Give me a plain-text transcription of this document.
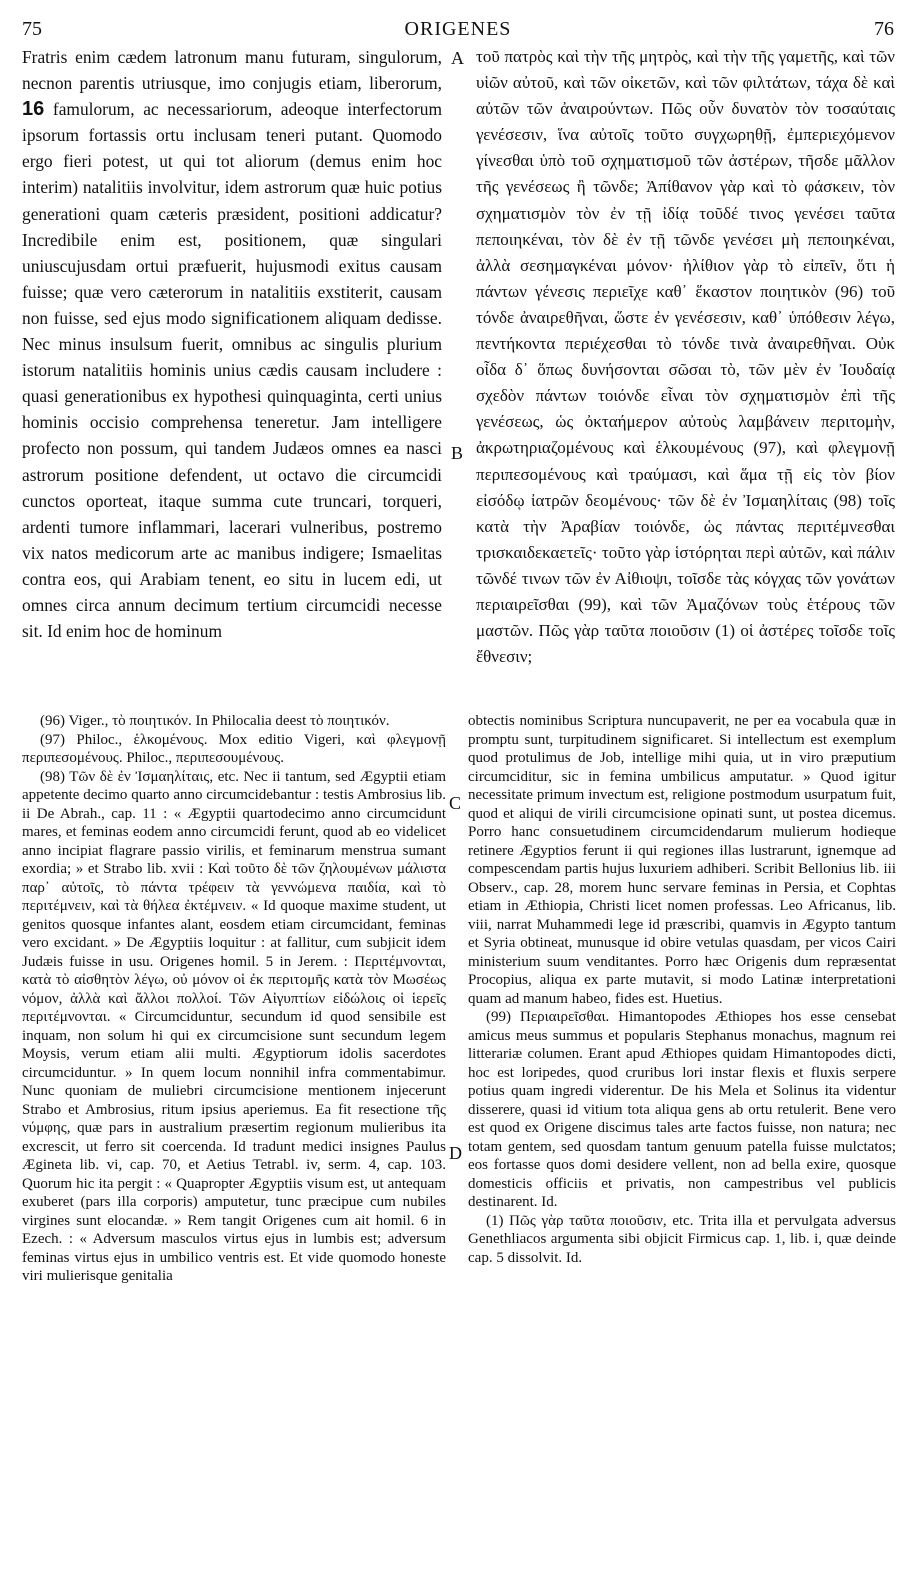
75	ORIGENES	76

Fratris enim cædem latronum manu futuram, singulorum, necnon parentis utriusque, imo conjugis etiam, liberorum, 16 famulorum, ac necessariorum, adeoque interfectorum ipsorum fortassis ortu inclusam teneri putant. Quomodo ergo fieri potest, ut qui tot aliorum (demus enim hoc interim) natalitiis involvitur, idem astrorum quæ huic potius generationi quam cæteris præsident, positioni addicatur? Incredibile enim est, positionem, quæ singulari uniuscujusdam ortui præfuerit, hujusmodi exitus causam fuisse; quæ vero cæterorum in natalitiis exstiterit, causam non fuisse, sed ejus modo significationem aliquam dedisse. Nec minus insulsum fuerit, omnibus ac singulis plurium istorum natalitiis hominis unius cædis causam includere : quasi generationibus ex hypothesi quinquaginta, certi unius hominis occisio comprehensa teneretur. Jam intelligere profecto non possum, qui tandem Judæos omnes ea nasci astrorum positione defendent, ut octavo die circumcidi cunctos oporteat, itaque summa cute truncari, torqueri, ardenti tumore inflammari, lacerari vulneribus, postremo vix natos medicorum arte ac manibus indigere; Ismaelitas contra eos, qui Arabiam tenent, eo situ in lucem edi, ut omnes circa annum decimum tertium circumcidi necesse sit. Id enim hoc de hominum

A
B
C
D

τοῦ πατρὸς καὶ τὴν τῆς μητρὸς, καὶ τὴν τῆς γαμετῆς, καὶ τῶν υἱῶν αὐτοῦ, καὶ τῶν οἰκετῶν, καὶ τῶν φιλτάτων, τάχα δὲ καὶ αὐτῶν τῶν ἀναιρούντων. Πῶς οὖν δυνατὸν τὸν τοσαύταις γενέσεσιν, ἵνα αὐτοῖς τοῦτο συγχωρηθῇ, ἐμπεριεχόμενον γίνεσθαι ὑπὸ τοῦ σχηματισμοῦ τῶν ἀστέρων, τῆσδε μᾶλλον τῆς γενέσεως ἢ τῶνδε; Ἀπίθανον γὰρ καὶ τὸ φάσκειν, τὸν σχηματισμὸν τὸν ἐν τῇ ἰδίᾳ τοῦδέ τινος γενέσει ταῦτα πεποιηκέναι, τὸν δὲ ἐν τῇ τῶνδε γενέσει μὴ πεποιηκέναι, ἀλλὰ σεσημαγκέναι μόνον· ἠλίθιον γὰρ τὸ εἰπεῖν, ὅτι ἡ πάντων γένεσις περιεῖχε καθ᾽ ἕκαστον ποιητικὸν (96) τοῦ τόνδε ἀναιρεθῆναι, ὥστε ἐν γενέσεσιν, καθ᾽ ὑπόθεσιν λέγω, πεντήκοντα περιέχεσθαι τὸ τόνδε τινὰ ἀναιρεθῆναι. Οὐκ οἶδα δ᾽ ὅπως δυνήσονται σῶσαι τὸ, τῶν μὲν ἐν Ἰουδαίᾳ σχεδὸν πάντων τοιόνδε εἶναι τὸν σχηματισμὸν ἐπὶ τῆς γενέσεως, ὡς ὀκταήμερον αὐτοὺς λαμβάνειν περιτομὴν, ἀκρωτηριαζομένους καὶ ἑλκουμένους (97), καὶ φλεγμονῇ περιπεσομένους καὶ τραύμασι, καὶ ἅμα τῇ εἰς τὸν βίον εἰσόδῳ ἰατρῶν δεομένους· τῶν δὲ ἐν Ἰσμαηλίταις (98) τοῖς κατὰ τὴν Ἀραβίαν τοιόνδε, ὡς πάντας περιτέμνεσθαι τρισκαιδεκαετεῖς· τοῦτο γὰρ ἱστόρηται περὶ αὐτῶν, καὶ πάλιν τῶνδέ τινων τῶν ἐν Αἰθιοψι, τοῖσδε τὰς κόγχας τῶν γονάτων περιαιρεῖσθαι (99), καὶ τῶν Ἀμαζόνων τοὺς ἑτέρους τῶν μαστῶν. Πῶς γὰρ ταῦτα ποιοῦσιν (1) οἱ ἀστέρες τοῖσδε τοῖς ἔθνεσιν;

(96) Viger., τὸ ποιητικόν. In Philocalia deest τὸ ποιητικόν.

(97) Philoc., ἑλκομένους. Mox editio Vigeri, καὶ φλεγμονῇ περιπεσομένους. Philoc., περιπεσουμένους.

(98) Τῶν δὲ ἐν Ἰσμαηλίταις, etc. Nec ii tantum, sed Ægyptii etiam appetente decimo quarto anno circumcidebantur : testis Ambrosius lib. ii De Abrah., cap. 11 : « Ægyptii quartodecimo anno circumcidunt mares, et feminas eodem anno circumcidi ferunt, quod ab eo videlicet anno incipiat flagrare passio virilis, et feminarum menstrua sumant exordia; » et Strabo lib. xvii : Καὶ τοῦτο δὲ τῶν ζηλουμένων μάλιστα παρ᾽ αὐτοῖς, τὸ πάντα τρέφειν τὰ γεννώμενα παιδία, καὶ τὸ περιτέμνειν, καὶ τὰ θήλεα ἐκτέμνειν. « Id quoque maxime student, ut genitos quosque infantes alant, eosdem etiam circumcidant, feminas vero excidant. » De Ægyptiis loquitur : at fallitur, cum subjicit idem Judæis fuisse in usu. Origenes homil. 5 in Jerem. : Περιτέμνονται, κατὰ τὸ αἰσθητὸν λέγω, οὐ μόνον οἱ ἐκ περιτομῆς κατὰ τὸν Μωσέως νόμον, ἀλλὰ καὶ ἄλλοι πολλοί. Τῶν Αἰγυπτίων εἰδώλοις οἱ ἱερεῖς περιτέμνονται. « Circumciduntur, secundum id quod sensibile est inquam, non solum hi qui ex circumcisione sunt secundum legem Moysis, verum etiam alii multi. Ægyptiorum idolis sacerdotes circumciduntur. » In quem locum nonnihil infra commentabimur. Nunc quoniam de muliebri circumcisione mentionem injecerunt Strabo et Ambrosius, ritum ipsius aperiemus. Ea fit resectione τῆς νύμφης, quæ pars in australium præsertim regionum mulieribus ita excrescit, ut ferro sit coercenda. Id tradunt medici insignes Paulus Ægineta lib. vi, cap. 70, et Aetius Tetrabl. iv, serm. 4, cap. 103. Quorum hic ita pergit : « Quapropter Ægyptiis visum est, ut antequam exuberet (pars illa corporis) amputetur, tunc præcipue cum nubiles virgines sunt elocandæ. » Rem tangit Origenes cum ait homil. 6 in Ezech. : « Adversum masculos virtus ejus in lumbis est; adversum feminas virtus ejus in umbilico ventris est. Et vide quomodo honeste viri mulierisque genitalia

obtectis nominibus Scriptura nuncupaverit, ne per ea vocabula quæ in promptu sunt, turpitudinem significaret. Si intellectum est exemplum quod protulimus de Job, intellige mihi quia, ut in viro præputium circumciditur, sic in femina umbilicus amputatur. » Quod igitur necessitate primum invectum est, religione postmodum usurpatum fuit, quod et aliqui de virili circumcisione opinati sunt, ut postea dicemus. Porro hanc consuetudinem circumcidendarum mulierum hodieque retinere Ægyptios ferunt ii qui regiones illas lustrarunt, ignemque ad compescendam partis hujus luxuriem adhiberi. Scribit Bellonius lib. iii Observ., cap. 28, morem hunc servare feminas in Persia, et Cophtas etiam in Æthiopia, Christi licet nomen professas. Leo Africanus, lib. viii, narrat Muhammedi lege id præscribi, quamvis in Ægypto tantum et Syria obtineat, munusque id obire vetulas quasdam, per vicos Cairi ministerium suum venditantes. Porro hæc Origenis dum repræsentat Procopius, aliqua ex parte mutavit, si modo Latinæ interpretationi quam ad manum habeo, fides est. Huetius.

(99) Περιαιρεῖσθαι. Himantopodes Æthiopes hos esse censebat amicus meus summus et popularis Stephanus monachus, magnum rei litterariæ columen. Erant apud Æthiopes quidam Himantopodes dicti, hoc est loripedes, quod cruribus lori instar flexis et fluxis serpere potius quam ingredi viderentur. De his Mela et Solinus ita videntur disserere, quasi id vitium tota aliqua gens ab ortu retulerit. Bene vero est quod ex Origene discimus tales arte factos fuisse, non natura; nec totam gentem, sed quosdam tantum genuum patella fuisse mulctatos; eos fortasse quos domi desidere vellent, non ad bella exire, quosque domesticis officiis et privatis, non campestribus vel publicis destinarent. Id.

(1) Πῶς γὰρ ταῦτα ποιοῦσιν, etc. Trita illa et pervulgata adversus Genethliacos argumenta sibi objicit Firmicus cap. 1, lib. i, quæ deinde cap. 5 dissolvit. Id.
